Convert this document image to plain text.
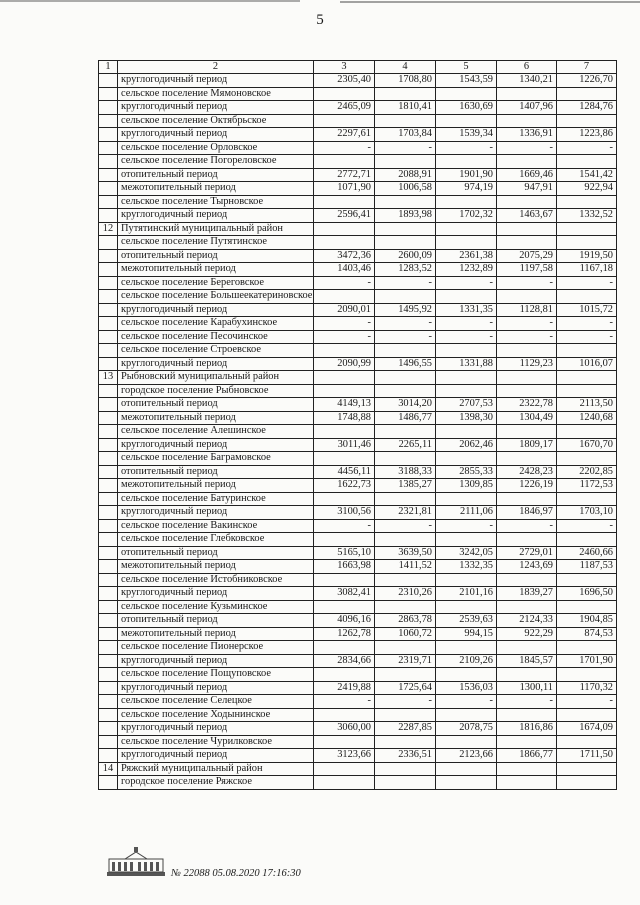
5
1	2	3	4	5	6	7
	круглогодичный период	2305,40	1708,80	1543,59	1340,21	1226,70
	сельское поселение Мямоновское					
	круглогодичный период	2465,09	1810,41	1630,69	1407,96	1284,76
	сельское поселение Октябрьское					
	круглогодичный период	2297,61	1703,84	1539,34	1336,91	1223,86
	сельское поселение Орловское	-	-	-	-	-
	сельское поселение Погореловское					
	отопительный период	2772,71	2088,91	1901,90	1669,46	1541,42
	межотопительный период	1071,90	1006,58	974,19	947,91	922,94
	сельское поселение Тырновское					
	круглогодичный период	2596,41	1893,98	1702,32	1463,67	1332,52
12	Путятинский муниципальный район					
	сельское поселение Путятинское					
	отопительный период	3472,36	2600,09	2361,38	2075,29	1919,50
	межотопительный период	1403,46	1283,52	1232,89	1197,58	1167,18
	сельское поселение Береговское	-	-	-	-	-
	сельское поселение Большеекатериновское					
	круглогодичный период	2090,01	1495,92	1331,35	1128,81	1015,72
	сельское поселение Карабухинское	-	-	-	-	-
	сельское поселение Песочинское	-	-	-	-	-
	сельское поселение Строевское					
	круглогодичный период	2090,99	1496,55	1331,88	1129,23	1016,07
13	Рыбновский муниципальный район					
	городское поселение Рыбновское					
	отопительный период	4149,13	3014,20	2707,53	2322,78	2113,50
	межотопительный период	1748,88	1486,77	1398,30	1304,49	1240,68
	сельское поселение Алешинское					
	круглогодичный период	3011,46	2265,11	2062,46	1809,17	1670,70
	сельское поселение Баграмовское					
	отопительный период	4456,11	3188,33	2855,33	2428,23	2202,85
	межотопительный период	1622,73	1385,27	1309,85	1226,19	1172,53
	сельское поселение Батуринское					
	круглогодичный период	3100,56	2321,81	2111,06	1846,97	1703,10
	сельское поселение Вакинское	-	-	-	-	-
	сельское поселение Глебковское					
	отопительный период	5165,10	3639,50	3242,05	2729,01	2460,66
	межотопительный период	1663,98	1411,52	1332,35	1243,69	1187,53
	сельское поселение Истобниковское					
	круглогодичный период	3082,41	2310,26	2101,16	1839,27	1696,50
	сельское поселение Кузьминское					
	отопительный период	4096,16	2863,78	2539,63	2124,33	1904,85
	межотопительный период	1262,78	1060,72	994,15	922,29	874,53
	сельское поселение Пионерское					
	круглогодичный период	2834,66	2319,71	2109,26	1845,57	1701,90
	сельское поселение Пощуповское					
	круглогодичный период	2419,88	1725,64	1536,03	1300,11	1170,32
	сельское поселение Селецкое	-	-	-	-	-
	сельское поселение Ходынинское					
	круглогодичный период	3060,00	2287,85	2078,75	1816,86	1674,09
	сельское поселение Чурилковское					
	круглогодичный период	3123,66	2336,51	2123,66	1866,77	1711,50
14	Ряжский муниципальный район					
	городское поселение Ряжское					
№ 22088 05.08.2020 17:16:30
